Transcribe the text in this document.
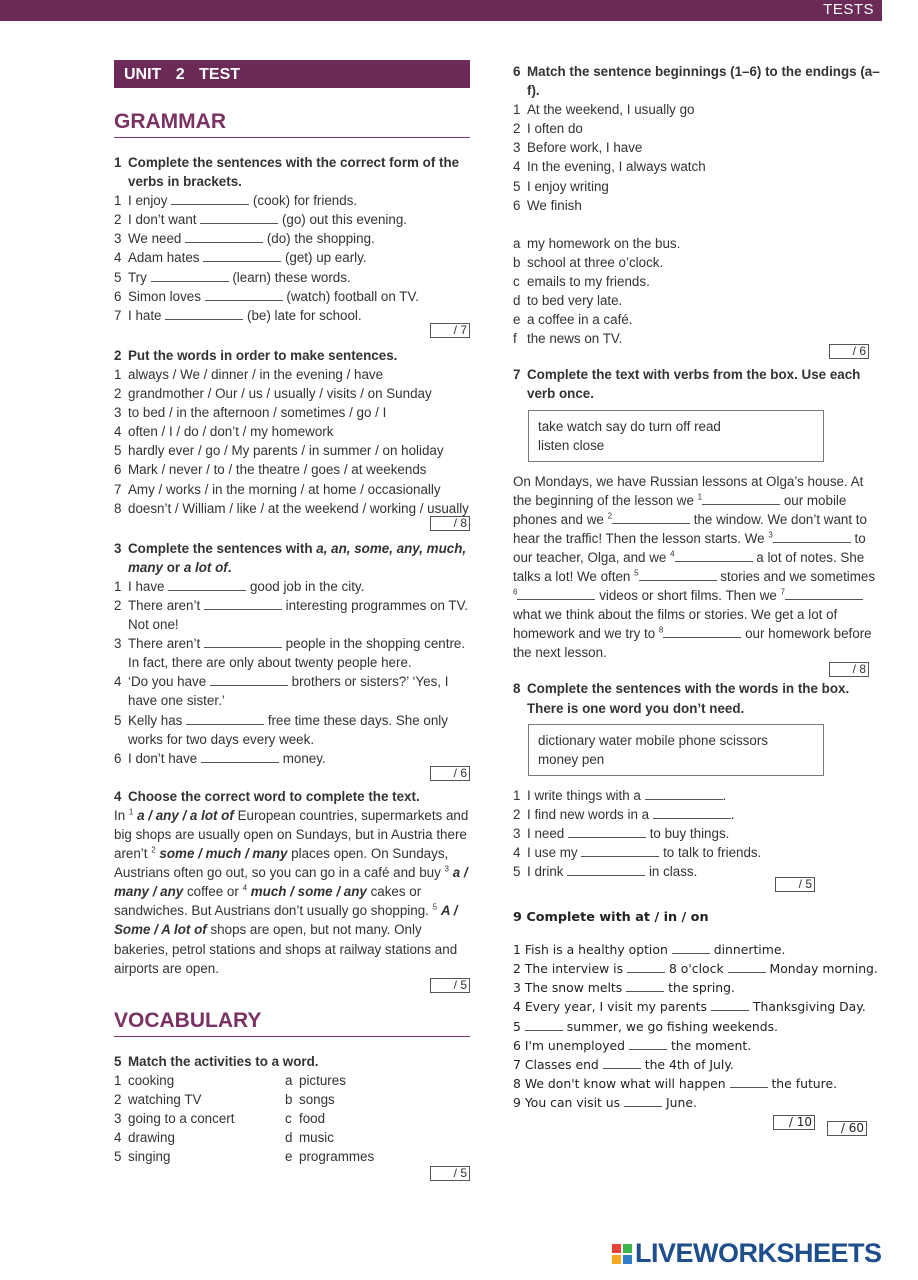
TESTS
UNIT 2 TEST
GRAMMAR
1 Complete the sentences with the correct form of the verbs in brackets.
1 I enjoy	(cook) for friends.
2 I don’t want	(go) out this evening.
3 We need	(do) the shopping.
4 Adam hates	(get) up early.
5 Try	(learn) these words.
6 Simon loves	(watch) football on TV.
7 I hate	(be) late for school.
/ 7
2 Put the words in order to make sentences.
1 always / We / dinner / in the evening / have
2 grandmother / Our / us / usually / visits / on Sunday
3 to bed / in the afternoon / sometimes / go / I
4 often / I / do / don’t / my homework
5 hardly ever / go / My parents / in summer / on holiday
6 Mark / never / to / the theatre / goes / at weekends
7 Amy / works / in the morning / at home / occasionally
8 doesn’t / William / like / at the weekend / working / usually
/ 8
3 Complete the sentences with a, an, some, any, much, many or a lot of.
1 I have	good job in the city.
2 There aren’t	interesting programmes on TV. Not one!
3 There aren’t	people in the shopping centre. In fact, there are only about twenty people here.
4 ‘Do you have	brothers or sisters?’ ‘Yes, I have one sister.’
5 Kelly has	free time these days. She only works for two days every week.
6 I don’t have	money.
/ 6
4 Choose the correct word to complete the text.
In $^1$ a / any / a lot of European countries, supermarkets and big shops are usually open on Sundays, but in Austria there aren’t $^2$ some / much / many places open. On Sundays, Austrians often go out, so you can go in a café and buy $^3$ a / many / any coffee or $^4$ much / some / any cakes or sandwiches. But Austrians don’t usually go shopping. $^5$ A / Some / A lot of shops are open, but not many. Only bakeries, petrol stations and shops at railway stations and airports are open.
/ 5
VOCABULARY
5 Match the activities to a word.
1 cooking	a pictures
2 watching TV	b songs
3 going to a concert	c food
4 drawing	d music
5 singing	e programmes
/ 5
6 Match the sentence beginnings (1–6) to the endings (a–f).
1 At the weekend, I usually go
2 I often do
3 Before work, I have
4 In the evening, I always watch
5 I enjoy writing
6 We finish
a my homework on the bus.
b school at three o’clock.
c emails to my friends.
d to bed very late.
e a coffee in a café.
f the news on TV.
/ 6
7 Complete the text with verbs from the box. Use each verb once.
take watch say do turn off read
listen close
On Mondays, we have Russian lessons at Olga’s house. At the beginning of the lesson we $^1$	our mobile phones and we $^2$	the window. We don’t want to hear the traffic! Then the lesson starts. We $^3$	to our teacher, Olga, and we $^4$	a lot of notes. She talks a lot! We often $^5$	stories and we sometimes $^6$	videos or short films. Then we $^7$ what we think about the films or stories. We get a lot of homework and we try to $^8$	our homework before the next lesson.
/ 8
8 Complete the sentences with the words in the box. There is one word you don’t need.
dictionary water mobile phone scissors
money pen
1 I write things with a	.
2 I find new words in a	.
3 I need	to buy things.
4 I use my	to talk to friends.
5 I drink	in class.
/ 5
9 Complete with at / in / on
1 Fish is a healthy option	dinnertime.
2 The interview is	8 o'clock	Monday morning.
3 The snow melts	the spring.
4 Every year, I visit my parents	Thanksgiving Day.
5	summer, we go fishing weekends.
6 I'm unemployed	the moment.
7 Classes end	the 4th of July.
8 We don't know what will happen	the future.
9 You can visit us	June.
/ 10	/ 60
LIVEWORKSHEETS
